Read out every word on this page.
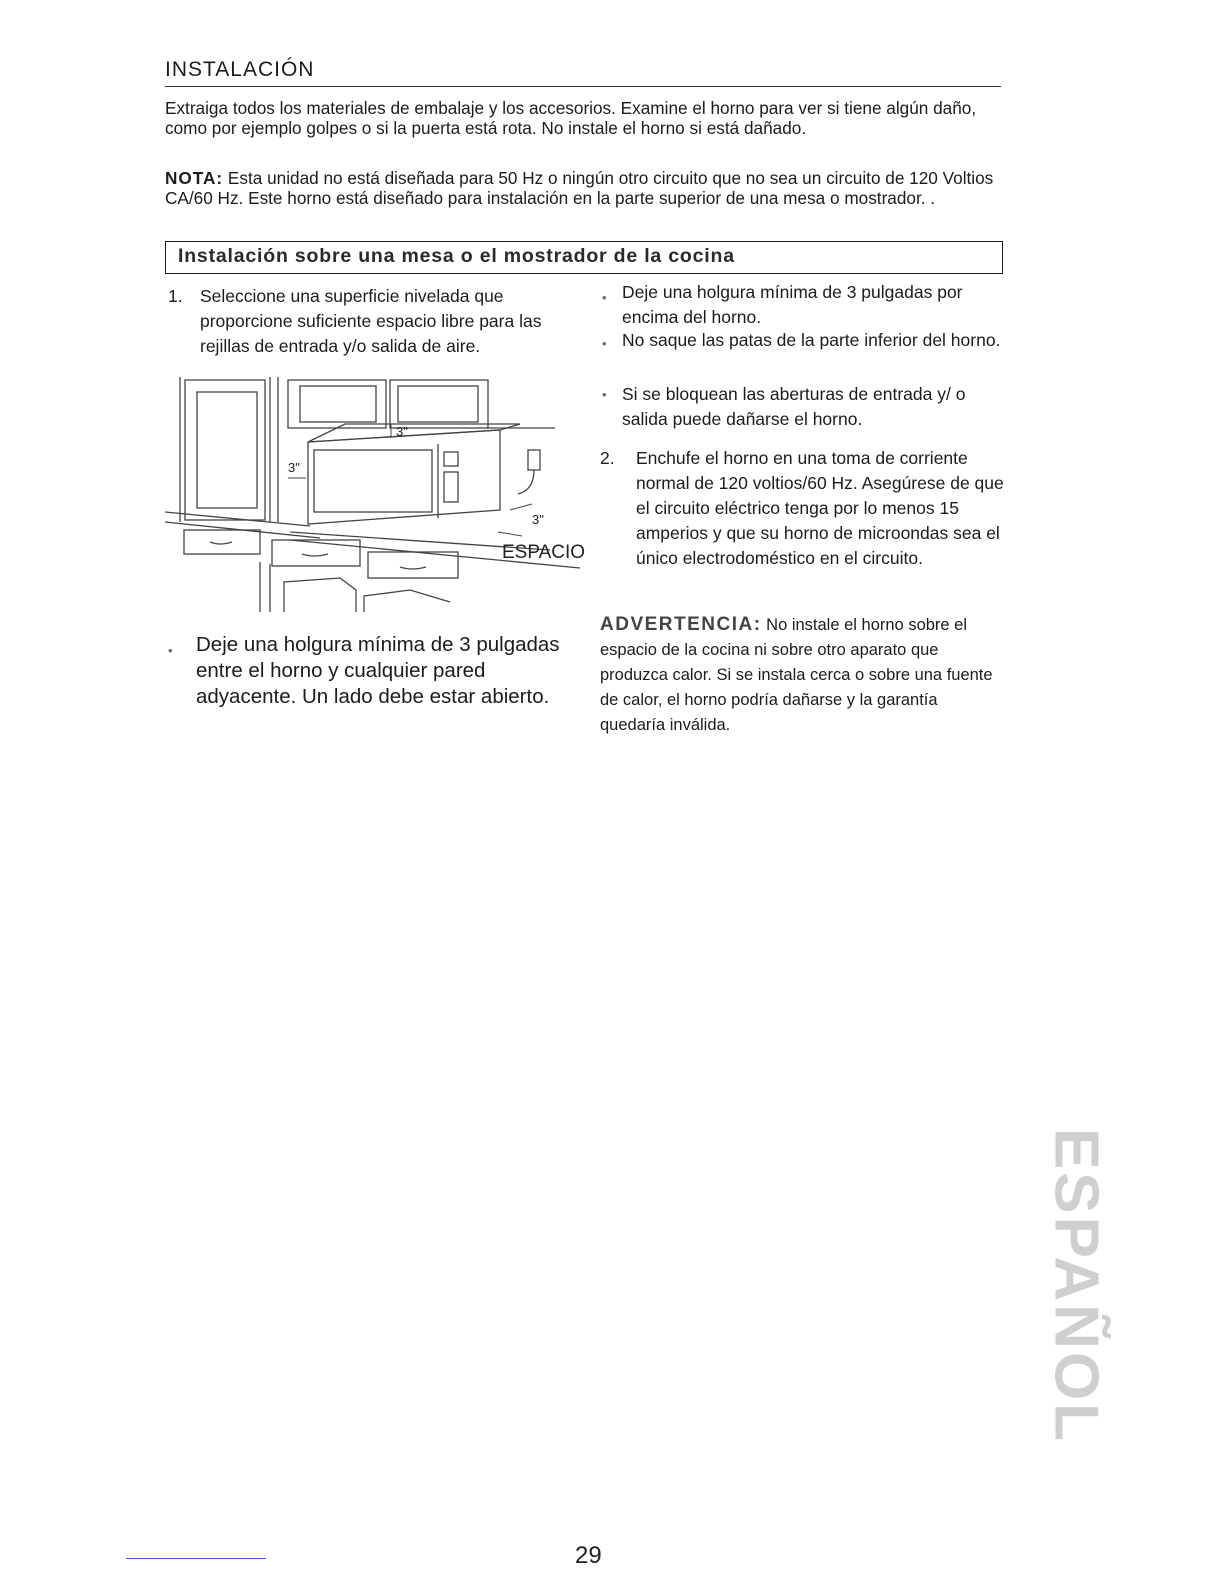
INSTALACIÓN
Extraiga todos los materiales de embalaje y los accesorios. Examine el horno para ver si tiene algún daño, como por ejemplo golpes o si la puerta está rota. No instale el horno si está dañado.
NOTA: Esta unidad no está diseñada para 50 Hz o ningún otro circuito que no sea un circuito de 120 Voltios CA/60 Hz. Este horno está diseñado para instalación en la parte superior de una mesa o mostrador. .
Instalación sobre una mesa o el mostrador de la cocina
1. Seleccione una superficie nivelada que proporcione suficiente espacio libre para las rejillas de entrada y/o salida de aire.
3"
3"
3"
ESPACIO
• Deje una holgura mínima de 3 pulgadas entre el horno y cualquier pared adyacente. Un lado debe estar abierto.
• Deje una holgura mínima de 3 pulgadas por encima del horno.
• No saque las patas de la parte inferior del horno.
• Si se bloquean las aberturas de entrada y/ o salida puede dañarse el horno.
2. Enchufe el horno en una toma de corriente normal de 120 voltios/60 Hz. Asegúrese de que el circuito eléctrico tenga por lo menos 15 amperios y que su horno de microondas sea el único electrodoméstico en el circuito.
ADVERTENCIA: No instale el horno sobre el espacio de la cocina ni sobre otro aparato que produzca calor. Si se instala cerca o sobre una fuente de calor, el horno podría dañarse y la garantía quedaría inválida.
ESPAÑOL
29
